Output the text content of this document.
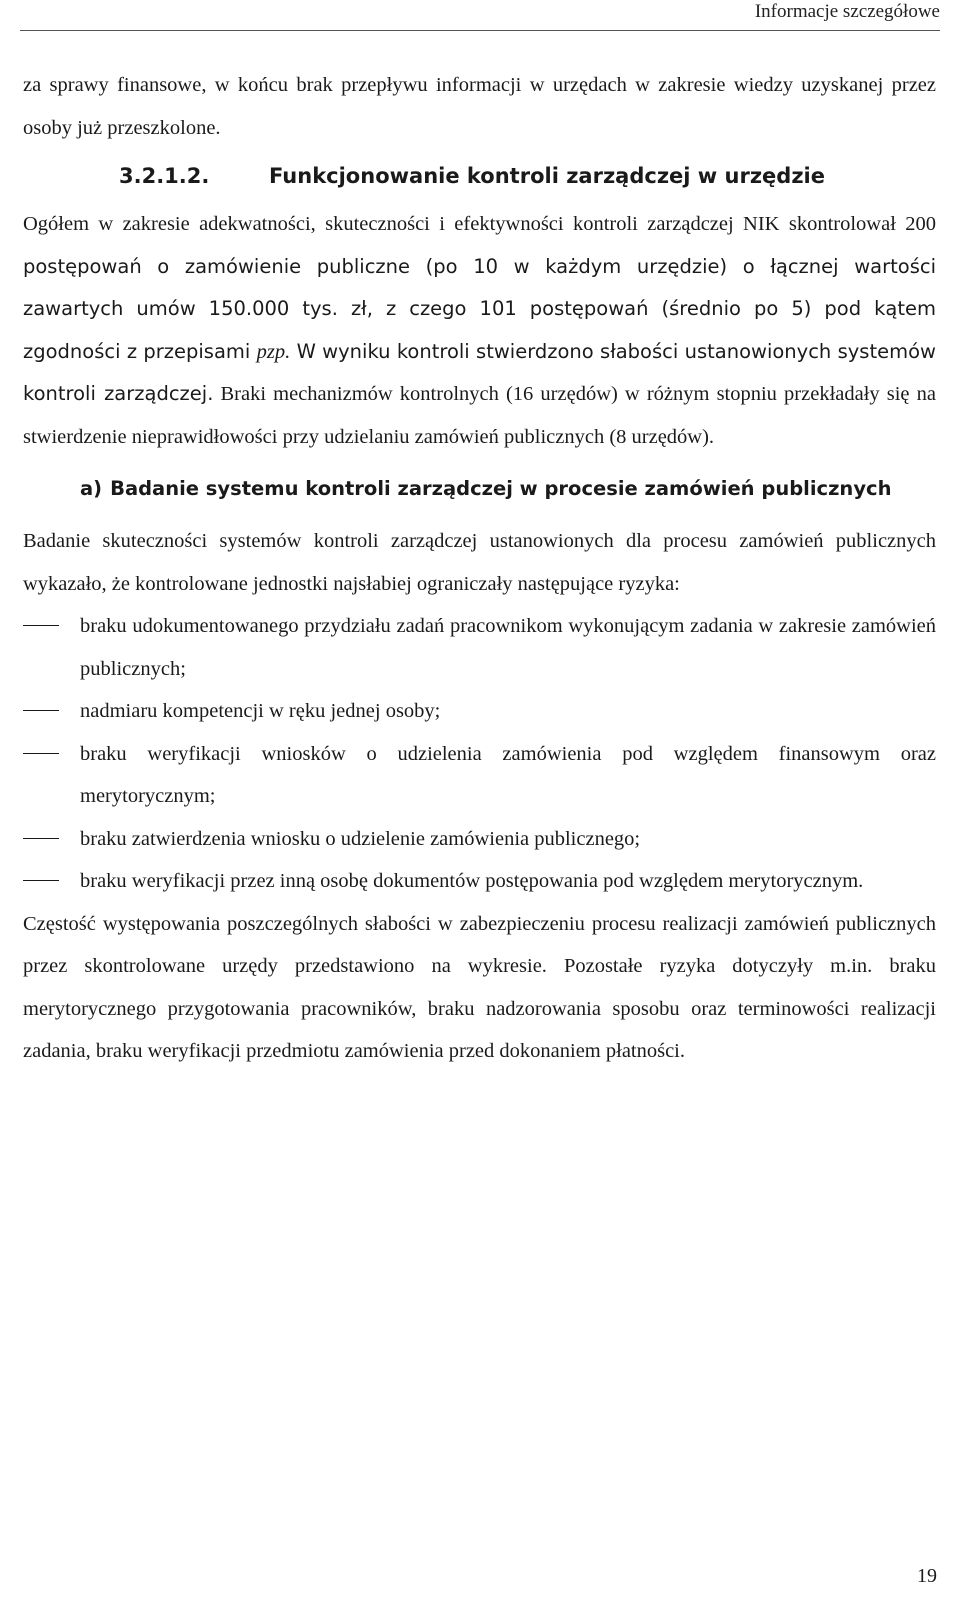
Informacje szczegółowe

za sprawy finansowe, w końcu brak przepływu informacji w urzędach w zakresie wiedzy uzyskanej przez osoby już przeszkolone.

3.2.1.2.	Funkcjonowanie kontroli zarządczej w urzędzie

Ogółem w zakresie adekwatności, skuteczności i efektywności kontroli zarządczej NIK skontrolował 200 postępowań o zamówienie publiczne (po 10 w każdym urzędzie) o łącznej wartości zawartych umów 150.000 tys. zł, z czego 101 postępowań (średnio po 5) pod kątem zgodności z przepisami pzp. W wyniku kontroli stwierdzono słabości ustanowionych systemów kontroli zarządczej. Braki mechanizmów kontrolnych (16 urzędów) w różnym stopniu przekładały się na stwierdzenie nieprawidłowości przy udzielaniu zamówień publicznych (8 urzędów).

a) Badanie systemu kontroli zarządczej w procesie zamówień publicznych

Badanie skuteczności systemów kontroli zarządczej ustanowionych dla procesu zamówień publicznych wykazało, że kontrolowane jednostki najsłabiej ograniczały następujące ryzyka:

braku udokumentowanego przydziału zadań pracownikom wykonującym zadania w zakresie zamówień publicznych;
nadmiaru kompetencji w ręku jednej osoby;
braku weryfikacji wniosków o udzielenia zamówienia pod względem finansowym oraz merytorycznym;
braku zatwierdzenia wniosku o udzielenie zamówienia publicznego;
braku weryfikacji przez inną osobę dokumentów postępowania pod względem merytorycznym.

Częstość występowania poszczególnych słabości w zabezpieczeniu procesu realizacji zamówień publicznych przez skontrolowane urzędy przedstawiono na wykresie. Pozostałe ryzyka dotyczyły m.in. braku merytorycznego przygotowania pracowników, braku nadzorowania sposobu oraz terminowości realizacji zadania, braku weryfikacji przedmiotu zamówienia przed dokonaniem płatności.

19
